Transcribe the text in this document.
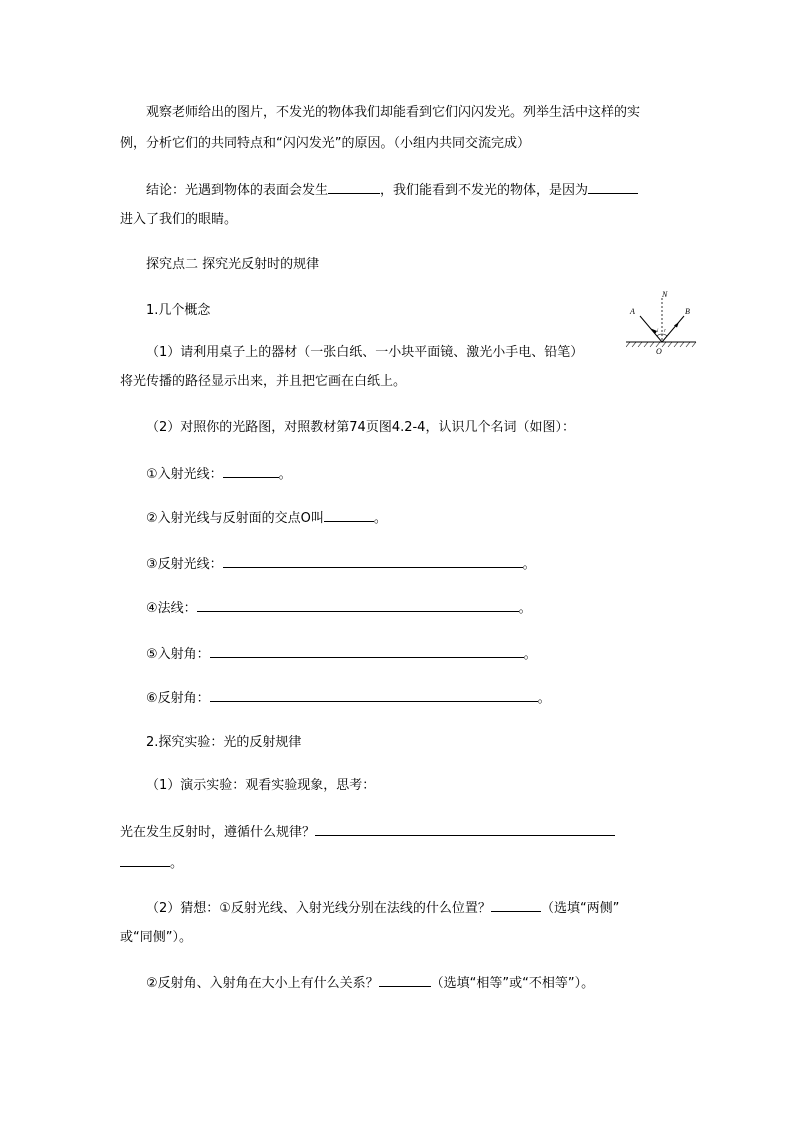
观察老师给出的图片，不发光的物体我们却能看到它们闪闪发光。列举生活中这样的实
例，分析它们的共同特点和“闪闪发光”的原因。（小组内共同交流完成）
结论：光遇到物体的表面会发生	，我们能看到不发光的物体，是因为
进入了我们的眼睛。
探究点二 探究光反射时的规律
1.几个概念
（1）请利用桌子上的器材（一张白纸、一小块平面镜、激光小手电、铅笔）
将光传播的路径显示出来，并且把它画在白纸上。
（2）对照你的光路图，对照教材第74页图4.2-4，认识几个名词（如图）：
①入射光线：	。
②入射光线与反射面的交点O叫	。
③反射光线：	。
④法线：	。
⑤入射角：	。
⑥反射角：	。
2.探究实验：光的反射规律
（1）演示实验：观看实验现象，思考：
光在发生反射时，遵循什么规律？
。
（2）猜想：①反射光线、入射光线分别在法线的什么位置？	（选填“两侧”
或“同侧”）。
②反射角、入射角在大小上有什么关系？	（选填“相等”或“不相等”）。
N
A	B
O
i r
